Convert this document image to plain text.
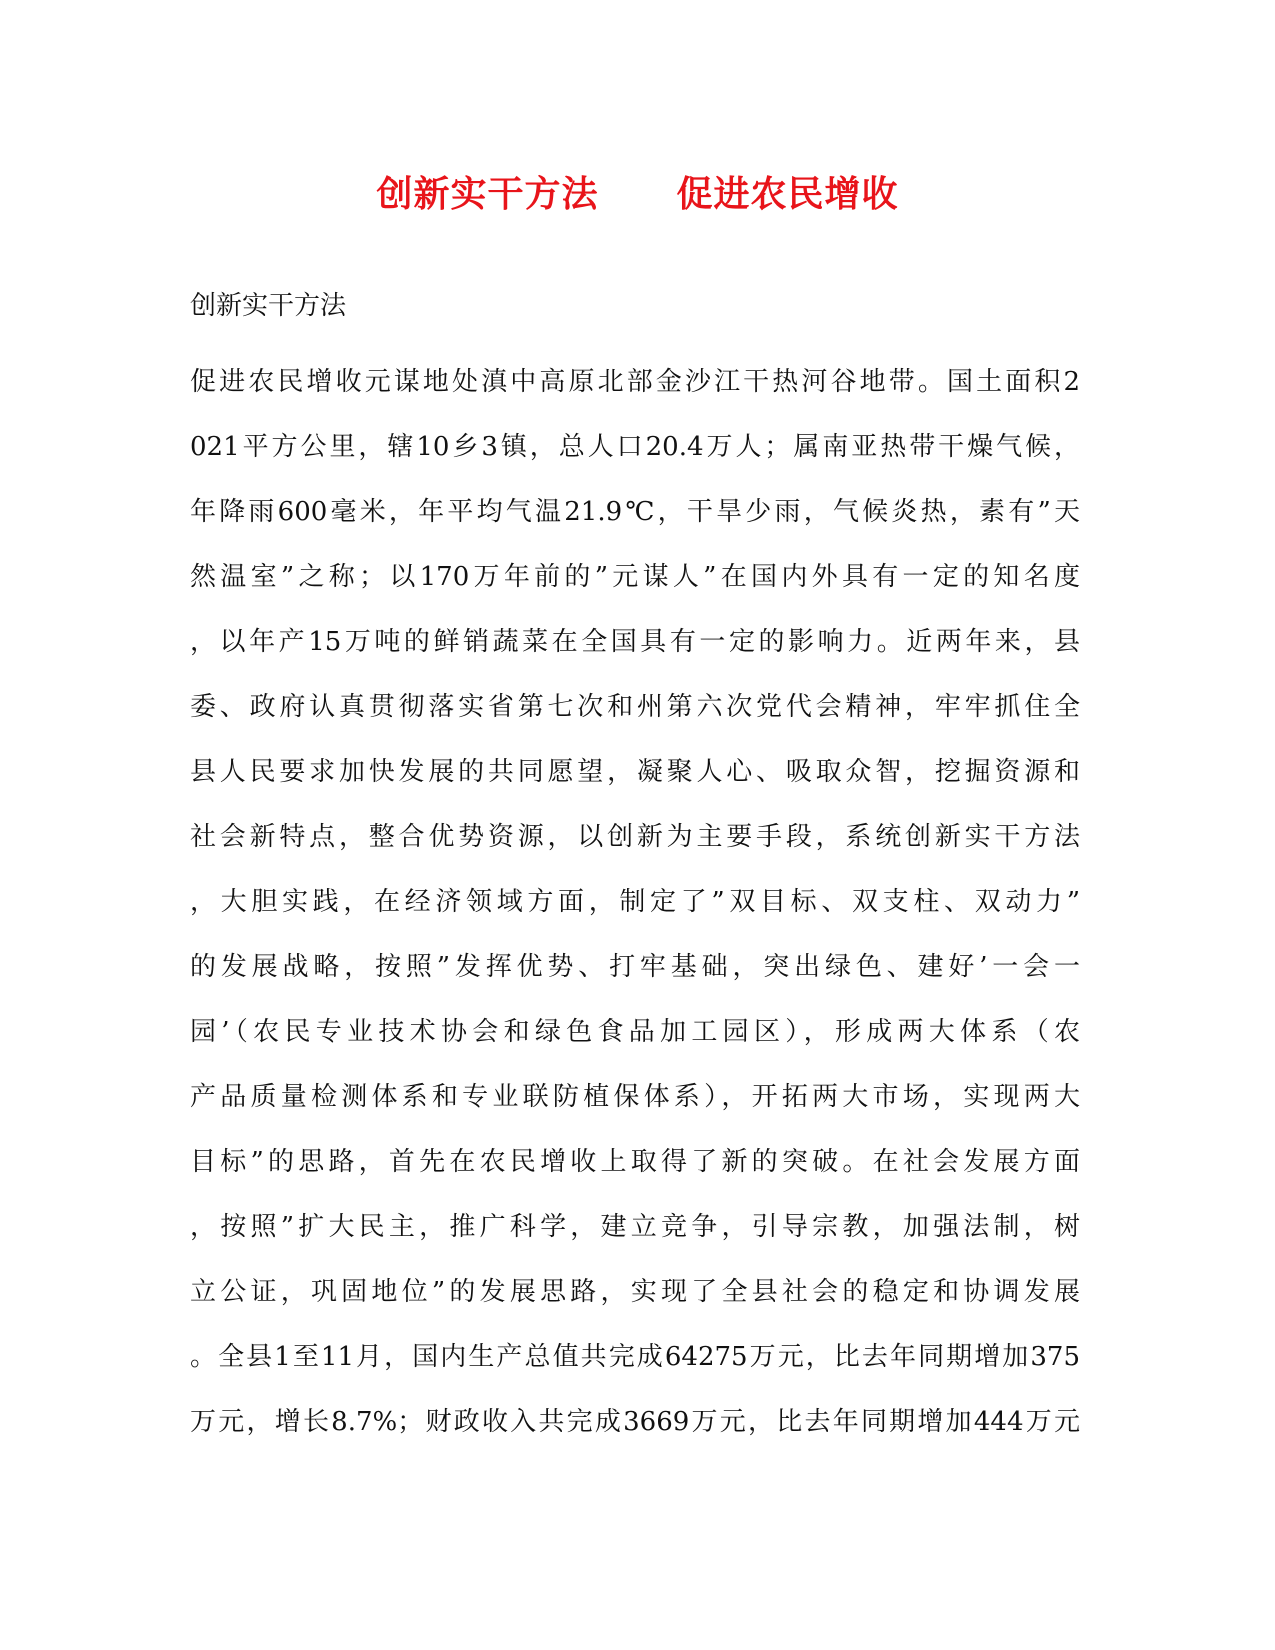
创新实干方法 促进农民增收
创新实干方法
促进农民增收元谋地处滇中高原北部金沙江干热河谷地带。国土面积2
021平方公里，辖10乡3镇，总人口20.4万人；属南亚热带干燥气候，
年降雨600毫米，年平均气温21.9℃，干旱少雨，气候炎热，素有”天
然温室”之称；以170万年前的”元谋人”在国内外具有一定的知名度
，以年产15万吨的鲜销蔬菜在全国具有一定的影响力。近两年来，县
委、政府认真贯彻落实省第七次和州第六次党代会精神，牢牢抓住全
县人民要求加快发展的共同愿望，凝聚人心、吸取众智，挖掘资源和
社会新特点，整合优势资源，以创新为主要手段，系统创新实干方法
，大胆实践，在经济领域方面，制定了”双目标、双支柱、双动力”
的发展战略，按照”发挥优势、打牢基础，突出绿色、建好’一会一
园’（农民专业技术协会和绿色食品加工园区），形成两大体系（农
产品质量检测体系和专业联防植保体系），开拓两大市场，实现两大
目标”的思路，首先在农民增收上取得了新的突破。在社会发展方面
，按照”扩大民主，推广科学，建立竞争，引导宗教，加强法制，树
立公证，巩固地位”的发展思路，实现了全县社会的稳定和协调发展
。全县1至11月，国内生产总值共完成64275万元，比去年同期增加375
万元，增长8.7%；财政收入共完成3669万元，比去年同期增加444万元
